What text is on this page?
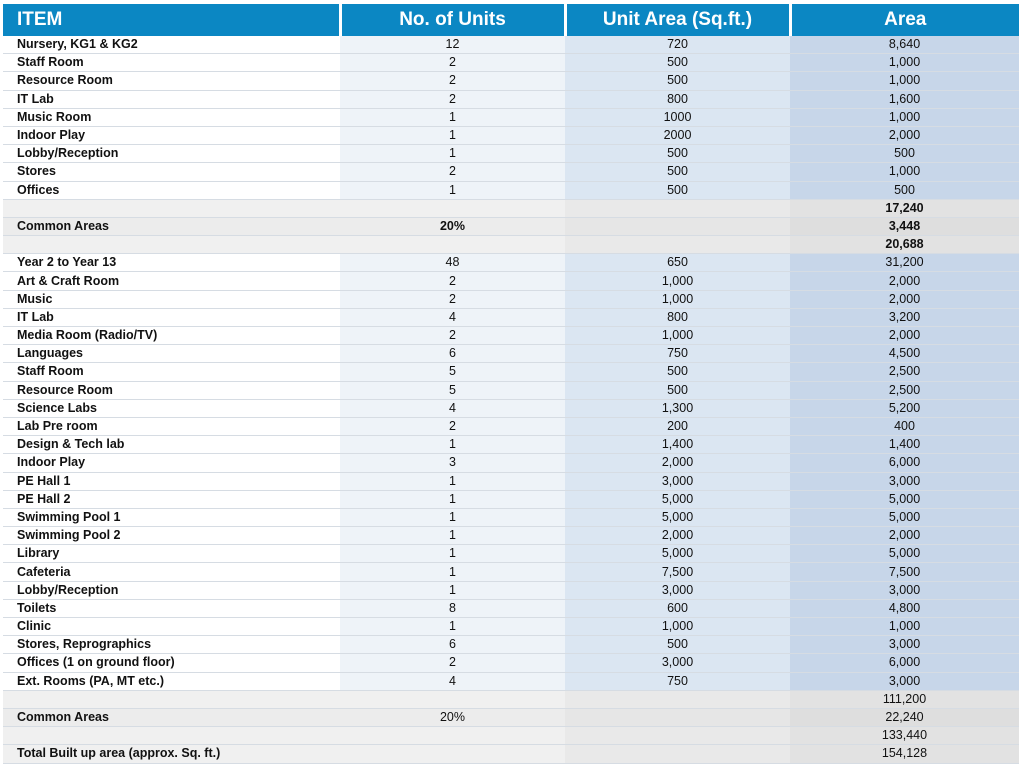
ITEM	No. of Units	Unit Area (Sq.ft.)	Area
Nursery, KG1 & KG2	12	720	8,640
Staff Room	2	500	1,000
Resource Room	2	500	1,000
IT Lab	2	800	1,600
Music Room	1	1000	1,000
Indoor Play	1	2000	2,000
Lobby/Reception	1	500	500
Stores	2	500	1,000
Offices	1	500	500
			17,240
Common Areas	20%		3,448
			20,688
Year 2 to Year 13	48	650	31,200
Art & Craft Room	2	1,000	2,000
Music	2	1,000	2,000
IT Lab	4	800	3,200
Media Room (Radio/TV)	2	1,000	2,000
Languages	6	750	4,500
Staff Room	5	500	2,500
Resource Room	5	500	2,500
Science Labs	4	1,300	5,200
Lab Pre room	2	200	400
Design & Tech lab	1	1,400	1,400
Indoor Play	3	2,000	6,000
PE Hall 1	1	3,000	3,000
PE Hall 2	1	5,000	5,000
Swimming Pool 1	1	5,000	5,000
Swimming Pool 2	1	2,000	2,000
Library	1	5,000	5,000
Cafeteria	1	7,500	7,500
Lobby/Reception	1	3,000	3,000
Toilets	8	600	4,800
Clinic	1	1,000	1,000
Stores, Reprographics	6	500	3,000
Offices (1 on ground floor)	2	3,000	6,000
Ext. Rooms (PA, MT etc.)	4	750	3,000
			111,200
Common Areas	20%		22,240
			133,440
Total Built up area (approx. Sq. ft.)			154,128
